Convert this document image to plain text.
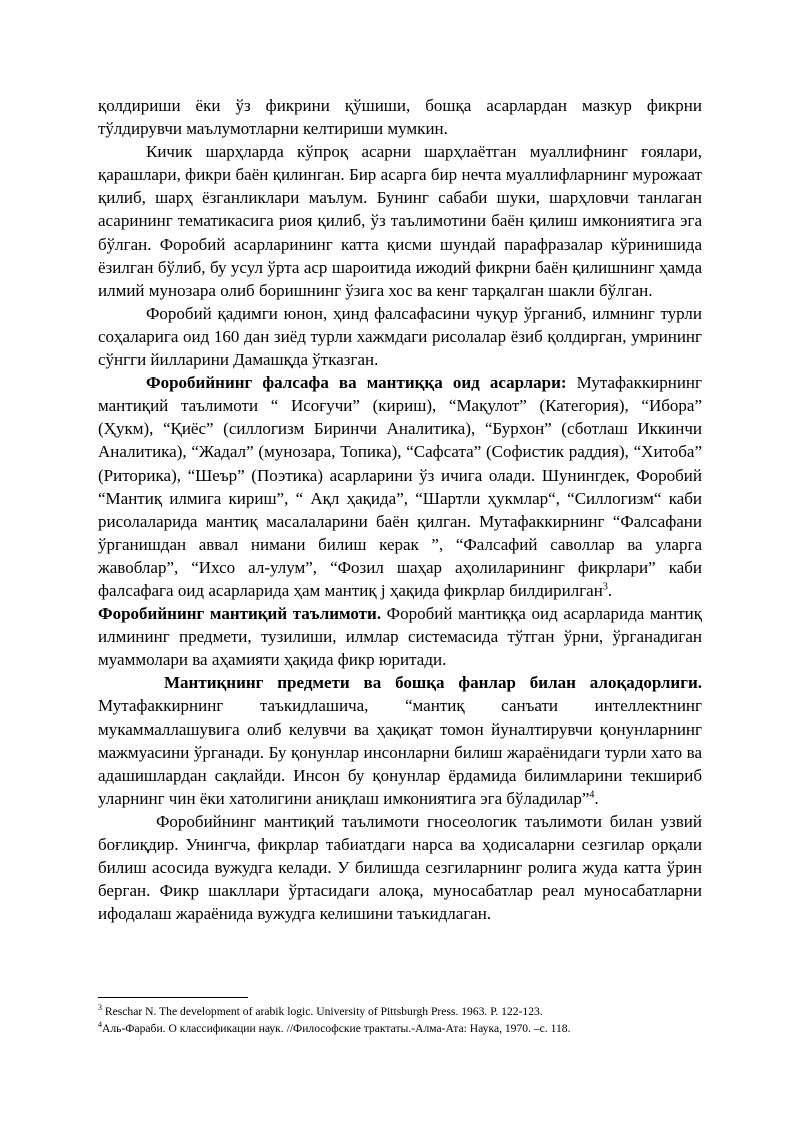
қолдириши ёки ўз фикрини қўшиши, бошқа асарлардан мазкур фикрни тўлдирувчи маълумотларни келтириши мумкин.

Кичик шарҳларда кўпроқ асарни шарҳлаётган муаллифнинг ғоялари, қарашлари, фикри баён қилинган. Бир асарга бир нечта муаллифларнинг мурожаат қилиб, шарҳ ёзганликлари маълум. Бунинг сабаби шуки, шарҳловчи танлаган асарининг тематикасига риоя қилиб, ўз таълимотини баён қилиш имкониятига эга бўлган. Форобий асарларининг катта қисми шундай парафразалар кўринишида ёзилган бўлиб, бу усул ўрта аср шароитида ижодий фикрни баён қилишнинг ҳамда илмий мунозара олиб боришнинг ўзига хос ва кенг тарқалган шакли бўлган.

Форобий қадимги юнон, ҳинд фалсафасини чуқур ўрганиб, илмнинг турли соҳаларига оид 160 дан зиёд турли хажмдаги рисолалар ёзиб қолдирган, умрининг сўнгги йилларини Дамашқда ўтказган.

Форобийнинг фалсафа ва мантиққа оид асарлари: Мутафаккирнинг мантиқий таълимоти “ Исоғучи” (кириш), “Мақулот” (Категория), “Ибора” (Ҳукм), “Қиёс” (силлогизм Биринчи Аналитика), “Бурхон” (сботлаш Иккинчи Аналитика), “Жадал” (мунозара, Топика), “Сафсата” (Софистик раддия), “Хитоба” (Риторика), “Шеър” (Поэтика) асарларини ўз ичига олади. Шунингдек, Форобий “Мантиқ илмига кириш”, “ Ақл ҳақида”, “Шартли ҳукмлар“, “Силлогизм“ каби рисолаларида мантиқ масалаларини баён қилган. Мутафаккирнинг “Фалсафани ўрганишдан аввал нимани билиш керак ”, “Фалсафий саволлар ва уларга жавоблар”, “Ихсо ал-улум”, “Фозил шаҳар аҳолиларининг фикрлари” каби фалсафага оид асарларида ҳам мантиқ ј ҳақида фикрлар билдирилган$^3$.

Форобийнинг мантиқий таълимоти. Форобий мантиққа оид асарларида мантиқ илмининг предмети, тузилиши, илмлар системасида тўтган ўрни, ўрганадиган муаммолари ва аҳамияти ҳақида фикр юритади.

Мантиқнинг предмети ва бошқа фанлар билан алоқадорлиги. Мутафаккирнинг таъкидлашича, “мантиқ санъати интеллектнинг мукаммаллашувига олиб келувчи ва ҳақиқат томон йуналтирувчи қонунларнинг мажмуасини ўрганади. Бу қонунлар инсонларни билиш жараёнидаги турли хато ва адашишлардан сақлайди. Инсон бу қонунлар ёрдамида билимларини текшириб уларнинг чин ёки хатолигини аниқлаш имкониятига эга бўладилар”$^4$.

Форобийнинг мантиқий таълимоти гносеологик таълимоти билан узвий боғлиқдир. Унингча, фикрлар табиатдаги нарса ва ҳодисаларни сезгилар орқали билиш асосида вужудга келади. У билишда сезгиларнинг ролига жуда катта ўрин берган. Фикр шакллари ўртасидаги алоқа, муносабатлар реал муносабатларни ифодалаш жараёнида вужудга келишини таъкидлаган.

$^3$ Reschar N. The development of arabik logic. University of Pittsburgh Press. 1963. P. 122-123.

$^4$Аль-Фараби. О классификации наук. //Философские трактаты.-Алма-Ата: Наука, 1970. –с. 118.
